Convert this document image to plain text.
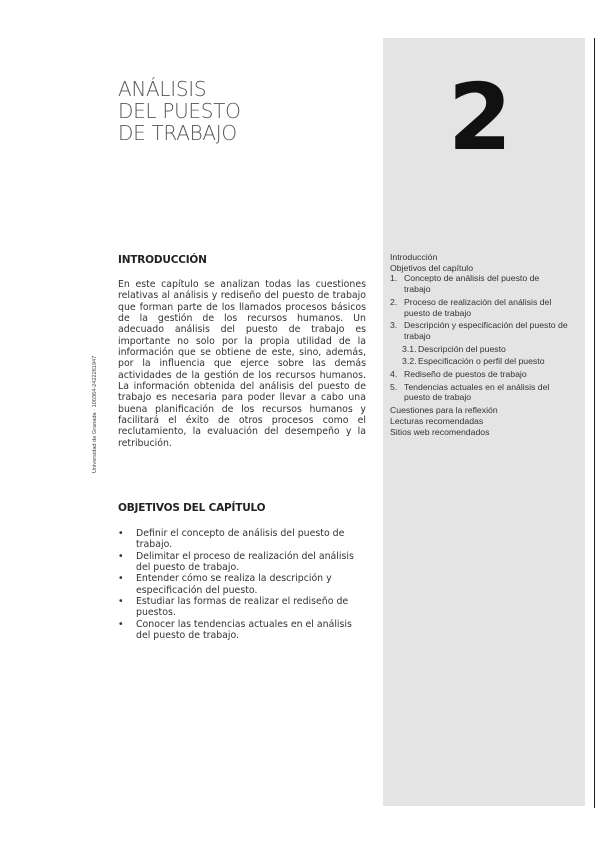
ANÁLISIS
DEL PUESTO
DE TRABAJO	2
Universidad de Granada · 100364-2422261947
INTRODUCCIÓN
En este capítulo se analizan todas las cuestiones relativas al análisis y rediseño del puesto de trabajo que forman parte de los llamados procesos básicos de la gestión de los recursos humanos. Un adecuado análisis del puesto de trabajo es importante no solo por la propia utilidad de la información que se obtiene de este, sino, además, por la influencia que ejerce sobre las demás actividades de la gestión de los recursos humanos. La información obtenida del análisis del puesto de trabajo es necesaria para poder llevar a cabo una buena planificación de los recursos humanos y facilitará el éxito de otros procesos como el reclutamiento, la evaluación del desempeño y la retribución.
OBJETIVOS DEL CAPÍTULO
• Definir el concepto de análisis del puesto de trabajo.
• Delimitar el proceso de realización del análisis del puesto de trabajo.
• Entender cómo se realiza la descripción y especificación del puesto.
• Estudiar las formas de realizar el rediseño de puestos.
• Conocer las tendencias actuales en el análisis del puesto de trabajo.
Introducción
Objetivos del capítulo
1. Concepto de análisis del puesto de trabajo
2. Proceso de realización del análisis del puesto de trabajo
3. Descripción y especificación del puesto de trabajo
3.1. Descripción del puesto
3.2. Especificación o perfil del puesto
4. Rediseño de puestos de trabajo
5. Tendencias actuales en el análisis del puesto de trabajo
Cuestiones para la reflexión
Lecturas recomendadas
Sitios web recomendados
